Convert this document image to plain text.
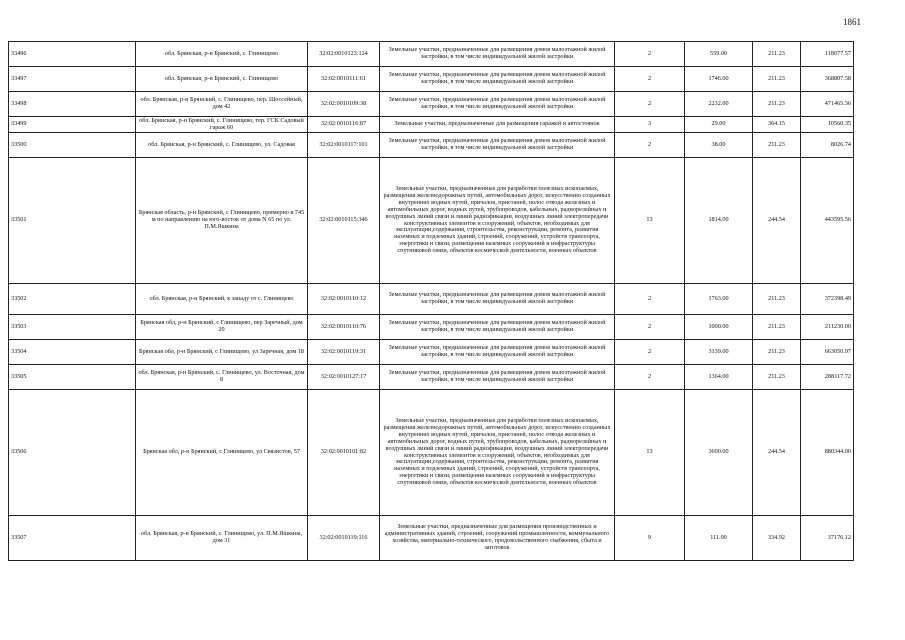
1861
33496	обл. Брянская, р-н Брянский, с. Глинищево	32:02:0010123:124	Земельные участки, предназначенные для размещения домов малоэтажной жилой застройки, в том числе индивидуальной жилой застройки	2	559.00	211.23	118077.57
33497	обл. Брянская, р-н Брянский, с. Глинищево	32:02:0010111:61	Земельные участки, предназначенные для размещения домов малоэтажной жилой застройки, в том числе индивидуальной жилой застройки	2	1746.00	211.23	368807.58
33498	обл. Брянская, р-н Брянский, с. Глинищево, пер. Шоссейный, дом 42	32:02:0010109:38	Земельные участки, предназначенные для размещения домов малоэтажной жилой застройки, в том числе индивидуальной жилой застройки	2	2232.00	211.23	471465.36
33499	обл. Брянская, р-н Брянский, с. Глинищево, тер. ГСК Садовый гараж 60	32:02:0010116:87	Земельные участки, предназначенные для размещения гаражей и автостоянок	3	29.00	364.15	10560.35
33500	обл. Брянская, р-н Брянский, с. Глинищево, ул. Садовая	32:02:0010117:101	Земельные участки, предназначенные для размещения домов малоэтажной жилой застройки, в том числе индивидуальной жилой застройки	2	38.00	211.23	8026.74
33501	Брянская область, р-н Брянский, с Глинищево, примерно в 745 м по направлению на юго-восток от дома N 65 по ул. П.М.Яшкина	32:02:0010115:346	Земельные участки, предназначенные для разработки полезных ископаемых, размещения железнодорожных путей, автомобильных дорог, искусственно созданных внутренних водных путей, причалов, пристаней, полос отвода железных и автомобильных дорог, водных путей, трубопроводов, кабельных, радиорелейных и воздушных линий связи и линий радиофикации, воздушных линий электропередачи конструктивных элементов и сооружений, объектов, необходимых для эксплуатации,содержания, строительства, реконструкции, ремонта, развития наземных и подземных зданий, строений, сооружений, устройств транспорта, энергетики и связи; размещения наземных сооружений и инфраструктуры спутниковой связи, объектов космической деятельности, военных объектов	13	1814.00	244.54	443595.56
33502	обл. Брянская, р-н Брянский, к западу от с. Глинищево	32:02:0010110:12	Земельные участки, предназначенные для размещения домов малоэтажной жилой застройки, в том числе индивидуальной жилой застройки	2	1763.00	211.23	372398.49
33503	Брянская обл, р-н Брянский, с Глинищево, пер Заречный, дом 20	32:02:0010110:76	Земельные участки, предназначенные для размещения домов малоэтажной жилой застройки, в том числе индивидуальной жилой застройки	2	1000.00	211.23	211230.00
33504	Брянская обл, р-н Брянский, с Глинищево, ул Заречная, дом 18	32:02:0010119:31	Земельные участки, предназначенные для размещения домов малоэтажной жилой застройки, в том числе индивидуальной жилой застройки	2	3139.00	211.23	663050.97
33505	обл. Брянская, р-н Брянский, с. Глинищево, ул. Восточная, дом 8	32:02:0010127:17	Земельные участки, предназначенные для размещения домов малоэтажной жилой застройки, в том числе индивидуальной жилой застройки	2	1364.00	211.23	288117.72
33506	Брянская обл, р-н Брянский, с Глинищево, ул Связистов, 57	32:02:0010101:82	Земельные участки, предназначенные для разработки полезных ископаемых, размещения железнодорожных путей, автомобильных дорог, искусственно созданных внутренних водных путей, причалов, пристаней, полос отвода железных и автомобильных дорог, водных путей, трубопроводов, кабельных, радиорелейных и воздушных линий связи и линий радиофикации, воздушных линий электропередачи конструктивных элементов и сооружений, объектов, необходимых для эксплуатации,содержания, строительства, реконструкции, ремонта, развития наземных и подземных зданий, строений, сооружений, устройств транспорта, энергетики и связи; размещения наземных сооружений и инфраструктуры спутниковой связи, объектов космической деятельности, военных объектов	13	3600.00	244.54	880344.00
33507	обл. Брянская, р-н Брянский, с. Глинищево, ул. П.М.Яшкина, дом 31	32:02:0010119:116	Земельные участки, предназначенные для размещения производственных и административных зданий, строений, сооружений промышленности, коммунального хозяйства, материально-технического, продовольственного снабжения, сбыта и заготовок	9	111.00	334.92	37176.12
